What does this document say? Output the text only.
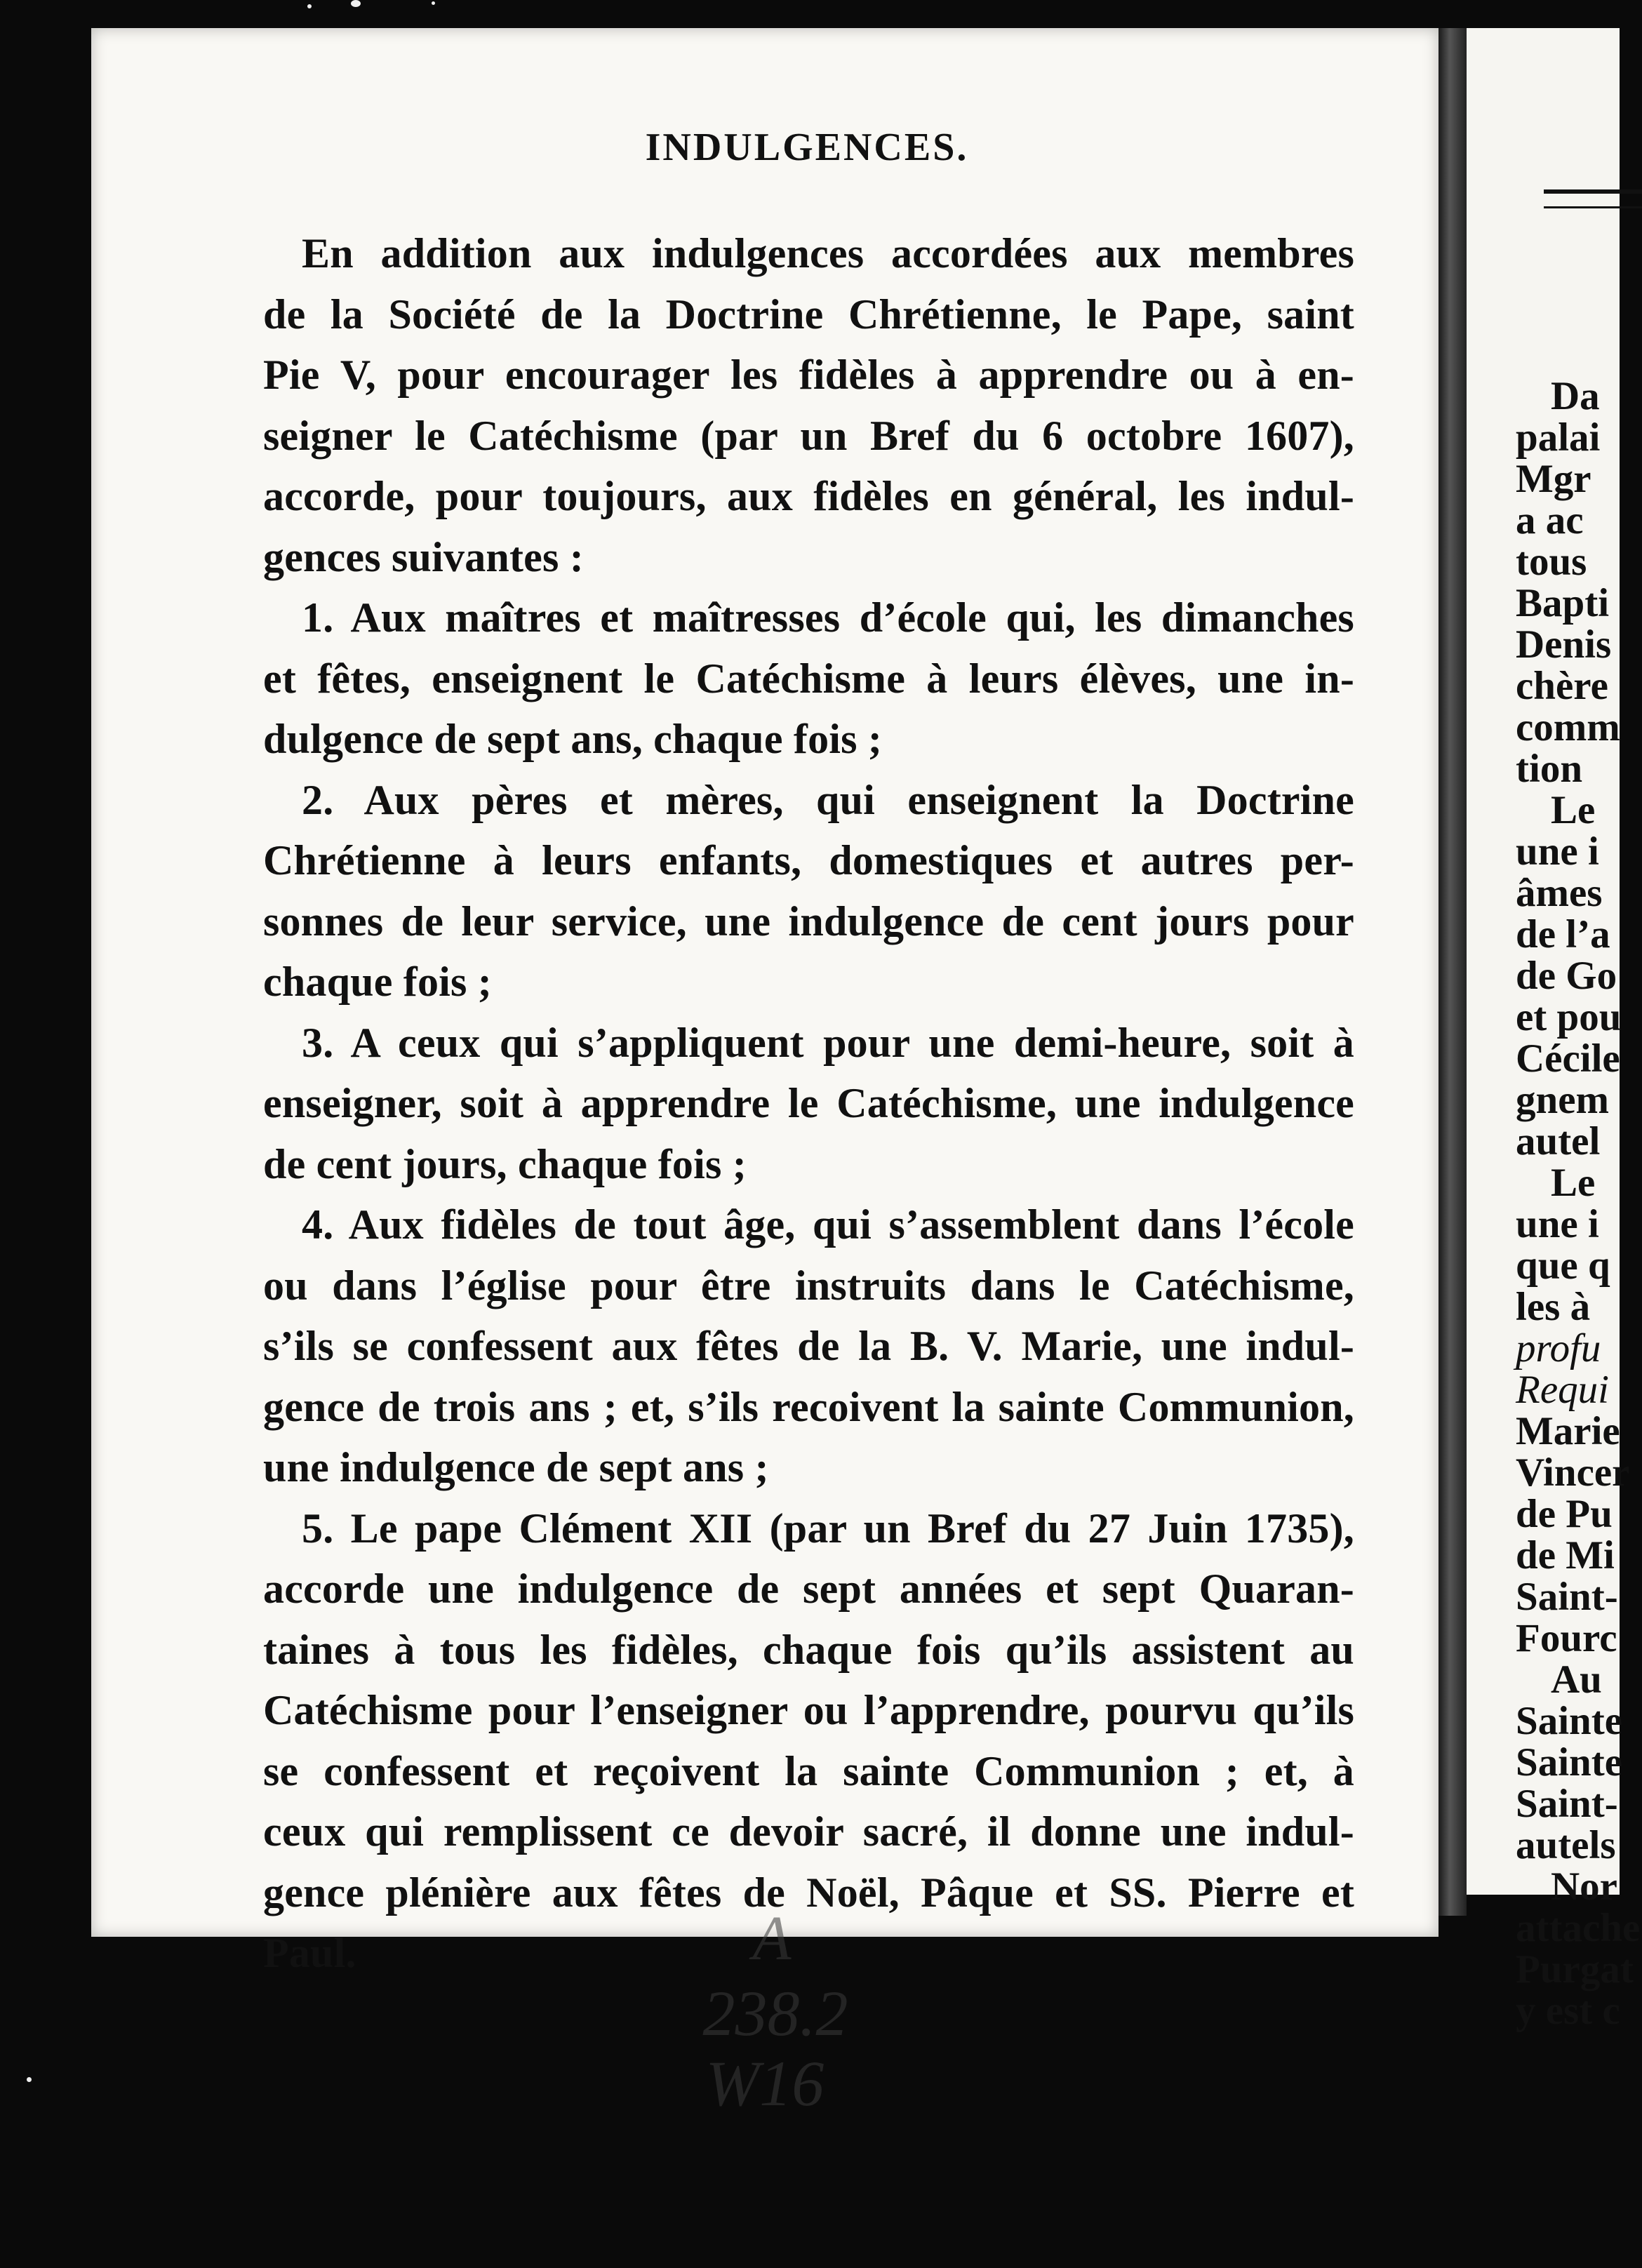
Da
palai
Mgr
a ac
tous
Bapti
Denis
chère
comm
tion
Le
une i
âmes
de l’a
de Go
et pou
Cécile
gnem
autel
Le
une i
que q
les à
profu
Requi
Marie
Vincer
de Pu
de Mi
Saint-
Fourc
Au
Sainte
Sainte
Saint-
autels
Nor
attache
Purgat
y est c
INDULGENCES.
En addition aux indulgences accordées aux membres
de la Société de la Doctrine Chrétienne, le Pape, saint
Pie V, pour encourager les fidèles à apprendre ou à en-
seigner le Catéchisme (par un Bref du 6 octobre 1607),
accorde, pour toujours, aux fidèles en général, les indul-
gences suivantes :
1. Aux maîtres et maîtresses d’école qui, les dimanches
et fêtes, enseignent le Catéchisme à leurs élèves, une in-
dulgence de sept ans, chaque fois ;
2. Aux pères et mères, qui enseignent la Doctrine
Chrétienne à leurs enfants, domestiques et autres per-
sonnes de leur service, une indulgence de cent jours pour
chaque fois ;
3. A ceux qui s’appliquent pour une demi-heure, soit à
enseigner, soit à apprendre le Catéchisme, une indulgence
de cent jours, chaque fois ;
4. Aux fidèles de tout âge, qui s’assemblent dans l’école
ou dans l’église pour être instruits dans le Catéchisme,
s’ils se confessent aux fêtes de la B. V. Marie, une indul-
gence de trois ans ; et, s’ils recoivent la sainte Communion,
une indulgence de sept ans ;
5. Le pape Clément XII (par un Bref du 27 Juin 1735),
accorde une indulgence de sept années et sept Quaran-
taines à tous les fidèles, chaque fois qu’ils assistent au
Catéchisme pour l’enseigner ou l’apprendre, pourvu qu’ils
se confessent et reçoivent la sainte Communion ; et, à
ceux qui remplissent ce devoir sacré, il donne une indul-
gence plénière aux fêtes de Noël, Pâque et SS. Pierre et
Paul.	A
238.2
W16
